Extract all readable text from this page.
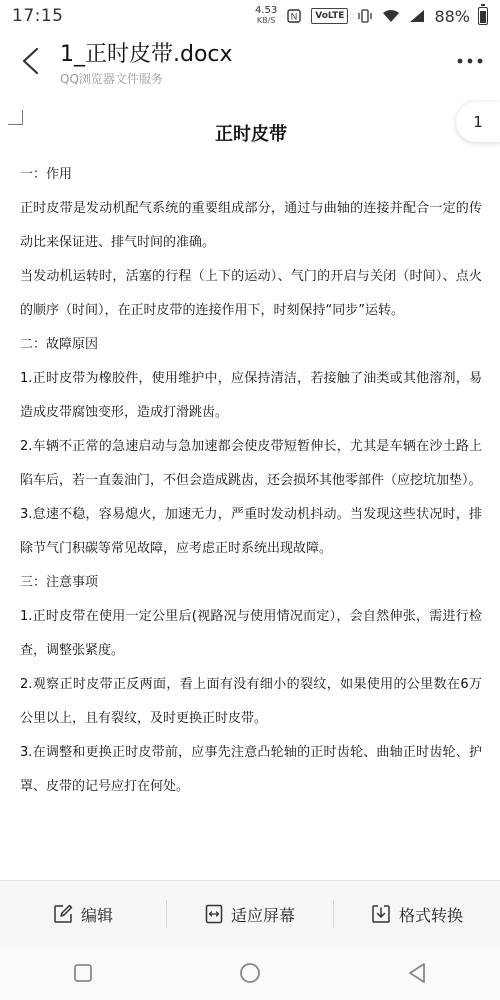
17:15	4.53
KB/S N	VoLTE	88%
1_正时皮带.docx
QQ浏览器文件服务
1
正时皮带
一：作用
正时皮带是发动机配气系统的重要组成部分，通过与曲轴的连接并配合一定的传动比来保证进、排气时间的准确。
当发动机运转时，活塞的行程（上下的运动）、气门的开启与关闭（时间）、点火的顺序（时间），在正时皮带的连接作用下，时刻保持“同步”运转。
二：故障原因
1.正时皮带为橡胶件，使用维护中，应保持清洁，若接触了油类或其他溶剂，易造成皮带腐蚀变形，造成打滑跳齿。
2.车辆不正常的急速启动与急加速都会使皮带短暂伸长，尤其是车辆在沙土路上陷车后，若一直轰油门，不但会造成跳齿，还会损坏其他零部件（应挖坑加垫）。
3.怠速不稳，容易熄火，加速无力，严重时发动机抖动。当发现这些状况时，排除节气门积碳等常见故障，应考虑正时系统出现故障。
三：注意事项
1.正时皮带在使用一定公里后(视路况与使用情况而定），会自然伸张，需进行检查，调整张紧度。
2.观察正时皮带正反两面，看上面有没有细小的裂纹，如果使用的公里数在6万公里以上，且有裂纹，及时更换正时皮带。
3.在调整和更换正时皮带前，应事先注意凸轮轴的正时齿轮、曲轴正时齿轮、护罩、皮带的记号应打在何处。
编辑	适应屏幕	格式转换
